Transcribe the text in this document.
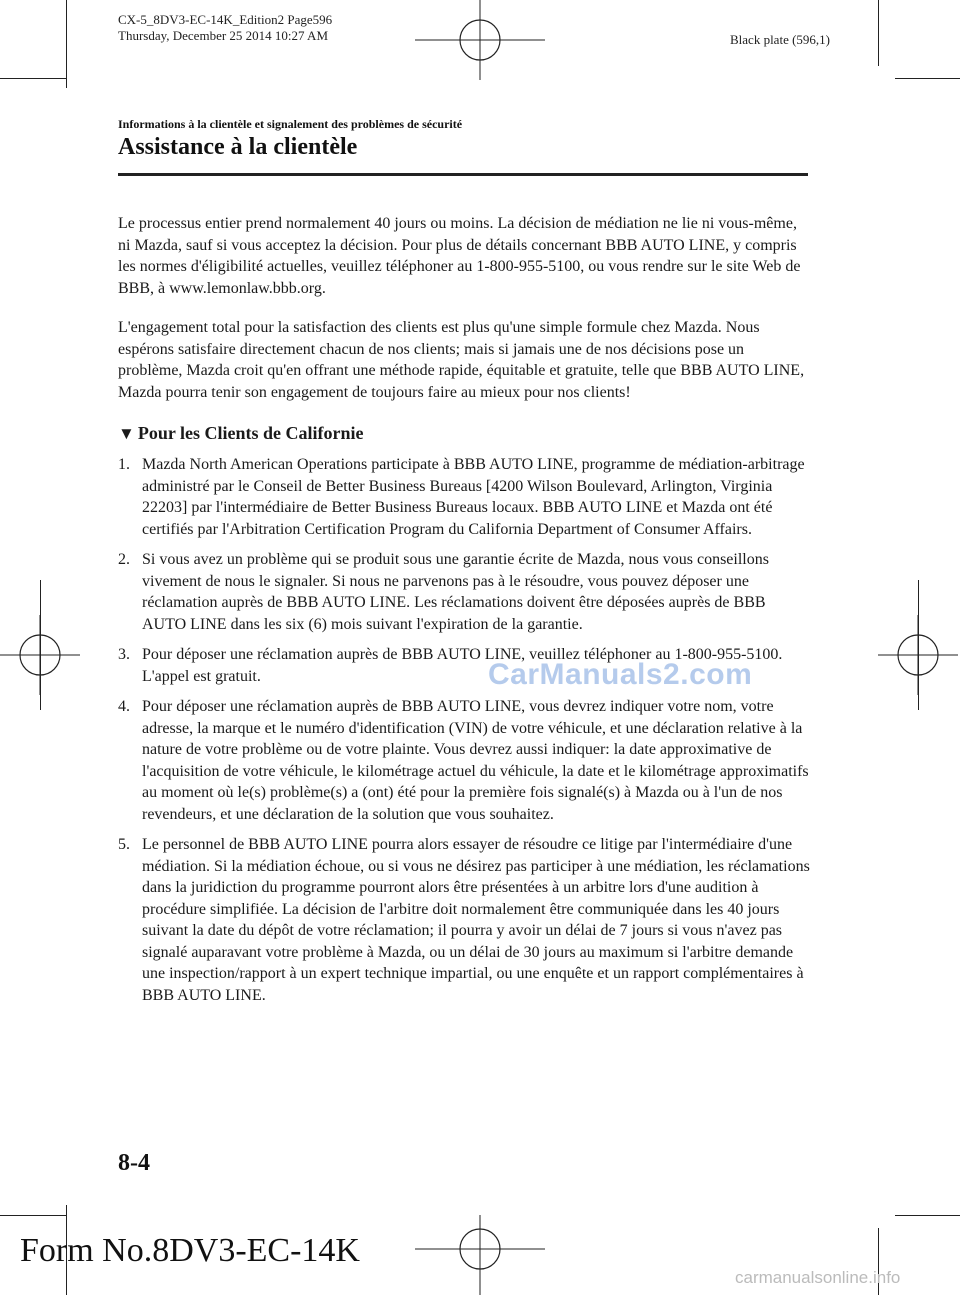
CX-5_8DV3-EC-14K_Edition2 Page596
Thursday, December 25 2014 10:27 AM	Black plate (596,1)
Informations à la clientèle et signalement des problèmes de sécurité
Assistance à la clientèle

Le processus entier prend normalement 40 jours ou moins. La décision de médiation ne lie ni vous-même, ni Mazda, sauf si vous acceptez la décision. Pour plus de détails concernant BBB AUTO LINE, y compris les normes d'éligibilité actuelles, veuillez téléphoner au 1-800-955-5100, ou vous rendre sur le site Web de BBB, à www.lemonlaw.bbb.org.

L'engagement total pour la satisfaction des clients est plus qu'une simple formule chez Mazda. Nous espérons satisfaire directement chacun de nos clients; mais si jamais une de nos décisions pose un problème, Mazda croit qu'en offrant une méthode rapide, équitable et gratuite, telle que BBB AUTO LINE, Mazda pourra tenir son engagement de toujours faire au mieux pour nos clients!

▼ Pour les Clients de Californie
1. Mazda North American Operations participate à BBB AUTO LINE, programme de médiation-arbitrage administré par le Conseil de Better Business Bureaus [4200 Wilson Boulevard, Arlington, Virginia 22203] par l'intermédiaire de Better Business Bureaus locaux. BBB AUTO LINE et Mazda ont été certifiés par l'Arbitration Certification Program du California Department of Consumer Affairs.
2. Si vous avez un problème qui se produit sous une garantie écrite de Mazda, nous vous conseillons vivement de nous le signaler. Si nous ne parvenons pas à le résoudre, vous pouvez déposer une réclamation auprès de BBB AUTO LINE. Les réclamations doivent être déposées auprès de BBB AUTO LINE dans les six (6) mois suivant l'expiration de la garantie.
3. Pour déposer une réclamation auprès de BBB AUTO LINE, veuillez téléphoner au 1-800-955-5100. L'appel est gratuit.
4. Pour déposer une réclamation auprès de BBB AUTO LINE, vous devrez indiquer votre nom, votre adresse, la marque et le numéro d'identification (VIN) de votre véhicule, et une déclaration relative à la nature de votre problème ou de votre plainte. Vous devrez aussi indiquer: la date approximative de l'acquisition de votre véhicule, le kilométrage actuel du véhicule, la date et le kilométrage approximatifs au moment où le(s) problème(s) a (ont) été pour la première fois signalé(s) à Mazda ou à l'un de nos revendeurs, et une déclaration de la solution que vous souhaitez.
5. Le personnel de BBB AUTO LINE pourra alors essayer de résoudre ce litige par l'intermédiaire d'une médiation. Si la médiation échoue, ou si vous ne désirez pas participer à une médiation, les réclamations dans la juridiction du programme pourront alors être présentées à un arbitre lors d'une audition à procédure simplifiée. La décision de l'arbitre doit normalement être communiquée dans les 40 jours suivant la date du dépôt de votre réclamation; il pourra y avoir un délai de 7 jours si vous n'avez pas signalé auparavant votre problème à Mazda, ou un délai de 30 jours au maximum si l'arbitre demande une inspection/rapport à un expert technique impartial, ou une enquête et un rapport complémentaires à BBB AUTO LINE.
CarManuals2.com
8-4
Form No.8DV3-EC-14K
carmanualsonline.info
